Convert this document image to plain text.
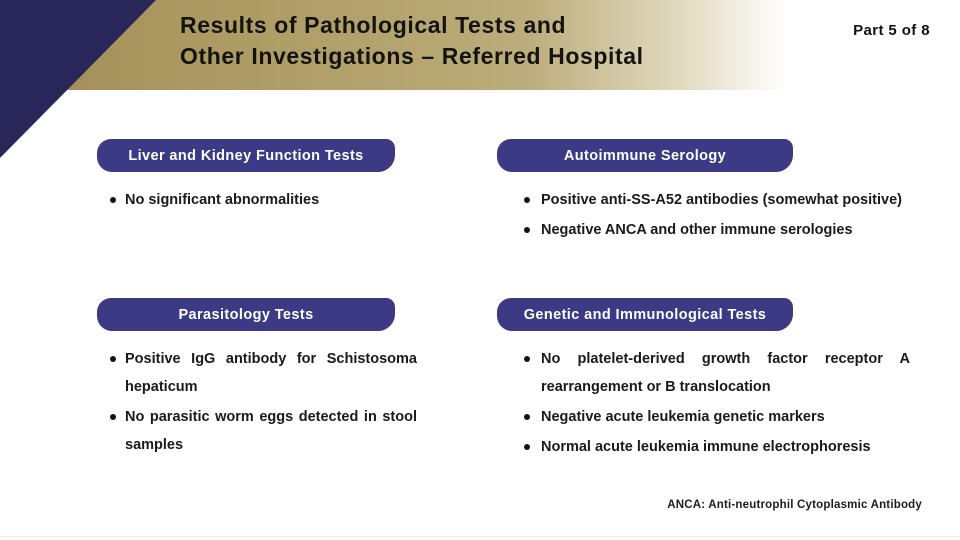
Results of Pathological Tests and
Other Investigations – Referred Hospital
Part 5 of 8
Liver and Kidney Function Tests
No significant abnormalities
Autoimmune Serology
Positive anti-SS-A52 antibodies (somewhat positive)
Negative ANCA and other immune serologies
Parasitology Tests
Positive IgG antibody for Schistosoma hepaticum
No parasitic worm eggs detected in stool samples
Genetic and Immunological Tests
No platelet-derived growth factor receptor A rearrangement or B translocation
Negative acute leukemia genetic markers
Normal acute leukemia immune electrophoresis
ANCA: Anti-neutrophil Cytoplasmic Antibody
